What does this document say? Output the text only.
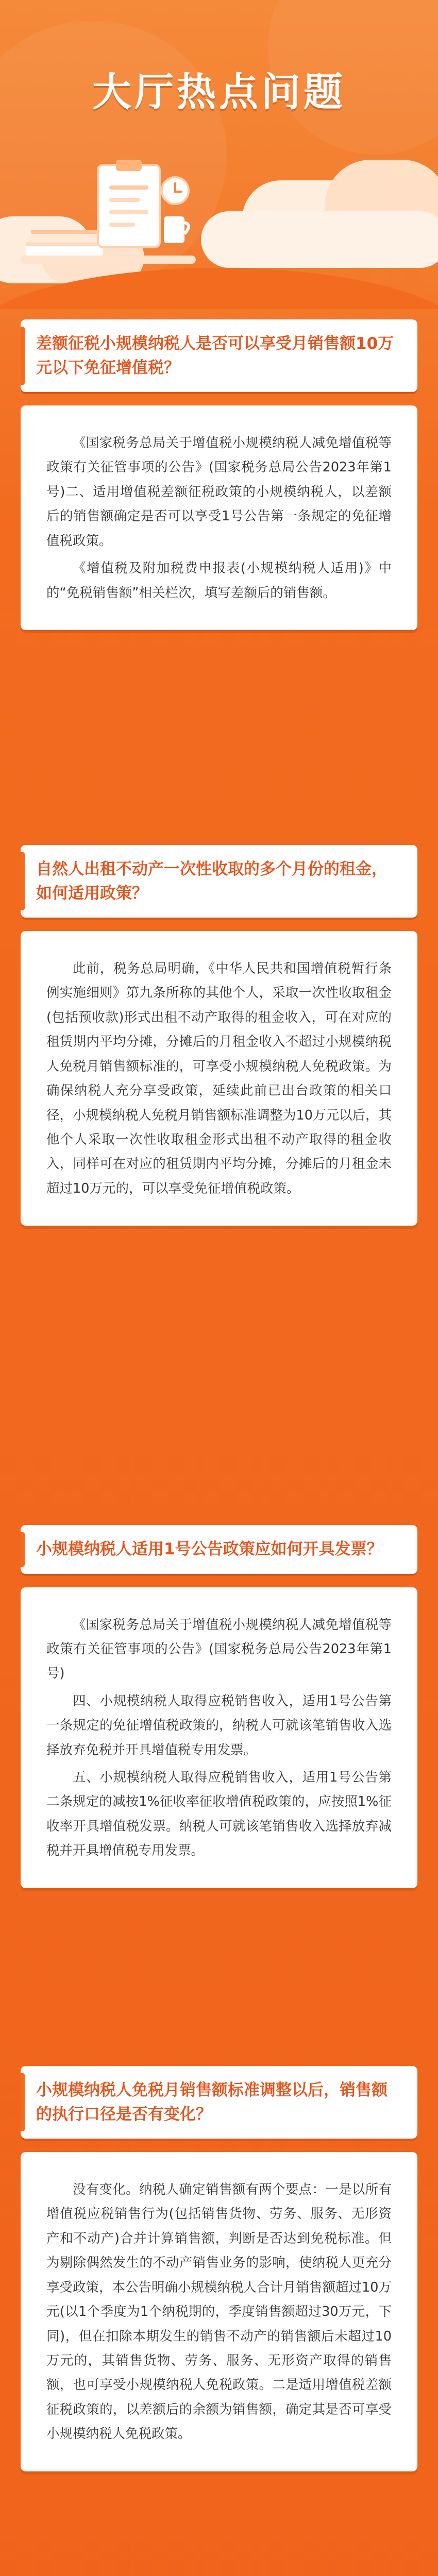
大厅热点问题
差额征税小规模纳税人是否可以享受月销售额10万元以下免征增值税？

《国家税务总局关于增值税小规模纳税人减免增值税等政策有关征管事项的公告》(国家税务总局公告2023年第1号)二、适用增值税差额征税政策的小规模纳税人，以差额后的销售额确定是否可以享受1号公告第一条规定的免征增值税政策。

《增值税及附加税费申报表(小规模纳税人适用)》中的“免税销售额”相关栏次，填写差额后的销售额。

自然人出租不动产一次性收取的多个月份的租金，如何适用政策？

此前，税务总局明确，《中华人民共和国增值税暂行条例实施细则》第九条所称的其他个人，采取一次性收取租金(包括预收款)形式出租不动产取得的租金收入，可在对应的租赁期内平均分摊，分摊后的月租金收入不超过小规模纳税人免税月销售额标准的，可享受小规模纳税人免税政策。为确保纳税人充分享受政策，延续此前已出台政策的相关口径，小规模纳税人免税月销售额标准调整为10万元以后，其他个人采取一次性收取租金形式出租不动产取得的租金收入，同样可在对应的租赁期内平均分摊，分摊后的月租金未超过10万元的，可以享受免征增值税政策。

小规模纳税人适用1号公告政策应如何开具发票？

《国家税务总局关于增值税小规模纳税人减免增值税等政策有关征管事项的公告》(国家税务总局公告2023年第1号)

四、小规模纳税人取得应税销售收入，适用1号公告第一条规定的免征增值税政策的，纳税人可就该笔销售收入选择放弃免税并开具增值税专用发票。

五、小规模纳税人取得应税销售收入，适用1号公告第二条规定的减按1%征收率征收增值税政策的，应按照1%征收率开具增值税发票。纳税人可就该笔销售收入选择放弃减税并开具增值税专用发票。

小规模纳税人免税月销售额标准调整以后，销售额的执行口径是否有变化？

没有变化。纳税人确定销售额有两个要点：一是以所有增值税应税销售行为(包括销售货物、劳务、服务、无形资产和不动产)合并计算销售额，判断是否达到免税标准。但为剔除偶然发生的不动产销售业务的影响，使纳税人更充分享受政策，本公告明确小规模纳税人合计月销售额超过10万元(以1个季度为1个纳税期的，季度销售额超过30万元，下同)，但在扣除本期发生的销售不动产的销售额后未超过10万元的，其销售货物、劳务、服务、无形资产取得的销售额，也可享受小规模纳税人免税政策。二是适用增值税差额征税政策的，以差额后的余额为销售额，确定其是否可享受小规模纳税人免税政策。
